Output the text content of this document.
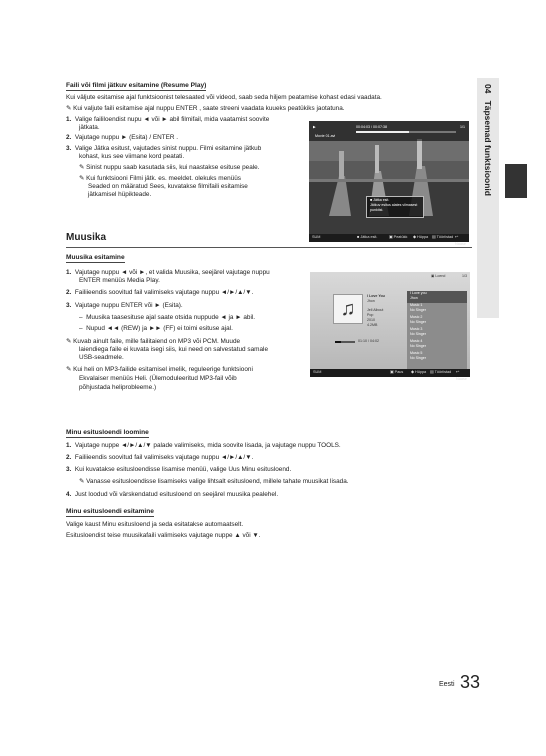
04   Täpsemad funktsioonid
Faili või filmi jätkuv esitamine (Resume Play)
Kui väljute esitamise ajal funktsioonist telesaated või videod, saab seda hiljem peatamise kohast edasi vaadata.
✎ Kui valjute faili esitamise ajal nuppu ENTER , saate streeni vaadata kuueks peatükiks jaotatuna.
1. Valige faililoendist nupu ◄ või ► abil filmifail, mida vaatamist soovite
jätkata.
2. Vajutage nuppu ► (Esita) / ENTER .
3. Valige Jätka esitust, vajutades sinist nuppu. Filmi esitamine jätkub
kohast, kus see viimane kord peatati.
✎ Sinist nuppu saab kasutada siis, kui naastakse esituse peale.
✎ Kui funktsiooni Filmi jätk. es. meeldet. olekuks menüüs
Seaded on määratud Sees, kuvatakse filmifaili esitamise
jätkamisel hüpikteade.
▶	00:04:03 / 00:07:38	1/1
Movie 01.avi
■ Jätka esit.
Jätkuv esitus alates viimasest
punktist.
SUM	■ Jätka esit.	▣ Peatükk ◆ Hüppa ▤ Tööriistad ↩ Naase
Muusika
Muusika esitamine
1. Vajutage nuppu ◄ või ►, et valida Muusika, seejärel vajutage nuppu
ENTER menüüs Media Play.
2. Failiieendis soovitud fail valimiseks vajutage nuppu ◄/►/▲/▼.
3. Vajutage nuppu ENTER või ► (Esita).
–  Muusika taasesituse ajal saate otsida nuppude ◄ ja ► abil.
–  Nupud ◄◄ (REW) ja ►► (FF) ei toimi esituse ajal.
✎ Kuvab ainult faile, mille failitaiend on MP3 või PCM. Muude
laiendiega faile ei kuvata isegi siis, kui need on salvestatud samale
USB-seadmele.
✎ Kui heli on MP3-failide esitamisel imelik, reguleerige funktsiooni
Ekvalaiser menüüs Heli. (Ülemoduleeritud MP3-fail võib
põhjustada heliprobleeme.)
▣ Loend	1/3
♫
I Love You
Jhon
Jell Albout
Pop
2010
4.2MB
01:10 / 04:02
I Love you
Jhon
Music 1
No Singer
Music 2
No Singer
Music 3
No Singer
Music 4
No Singer
Music 5
No Singer
SUM	▣ Paus ◆ Hüppa ▤ Tööriistad ↩ Naase
Minu esitusloendi loomine
1. Vajutage nuppe ◄/►/▲/▼ palade valimiseks, mida soovite lisada, ja vajutage nuppu TOOLS.
2. Failiieendis soovitud fail valimiseks vajutage nuppu ◄/►/▲/▼.
3. Kui kuvatakse esitusloendisse lisamise menüü, valige Uus Minu esitusloend.
✎ Vanasse esitusloendisse lisamiseks valige lihtsalt esitusloend, millele tahate muusikat lisada.
4. Just loodud või värskendatud esitusloend on seejärel muusika pealehel.
Minu esitusloendi esitamine
Valige kaust Minu esitusloend ja seda esitatakse automaatselt.
Esitusloendist teise muusikafaili valimiseks vajutage nuppe ▲ või ▼.
Eesti 33
